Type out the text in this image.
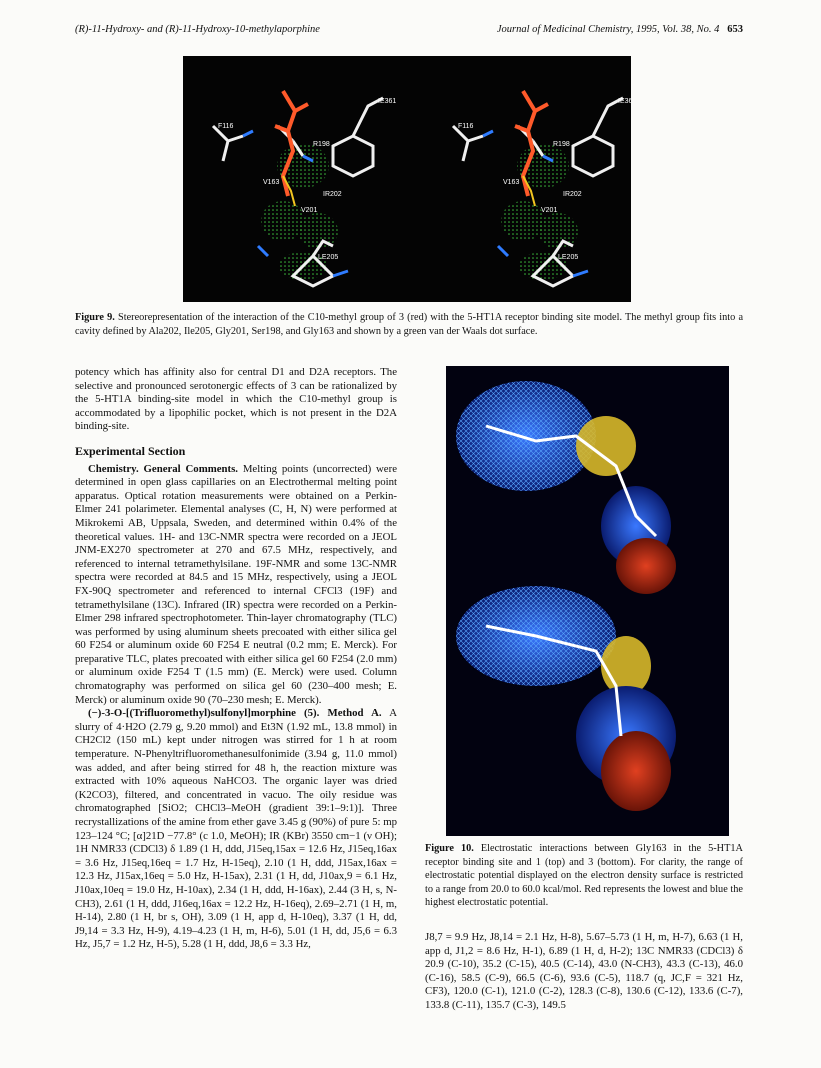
(R)-11-Hydroxy- and (R)-11-Hydroxy-10-methylaporphine	Journal of Medicinal Chemistry, 1995, Vol. 38, No. 4 653
IE361
F116
R198
V163
IR202
V201
LE205
Figure 9. Stereorepresentation of the interaction of the C10-methyl group of 3 (red) with the 5-HT1A receptor binding site model. The methyl group fits into a cavity defined by Ala202, Ile205, Gly201, Ser198, and Gly163 and shown by a green van der Waals dot surface.

potency which has affinity also for central D1 and D2A receptors. The selective and pronounced serotonergic effects of 3 can be rationalized by the 5-HT1A binding-site model in which the C10-methyl group is accommodated by a lipophilic pocket, which is not present in the D2A binding-site.

Experimental Section

Chemistry. General Comments. Melting points (uncorrected) were determined in open glass capillaries on an Electrothermal melting point apparatus. Optical rotation measurements were obtained on a Perkin-Elmer 241 polarimeter. Elemental analyses (C, H, N) were performed at Mikrokemi AB, Uppsala, Sweden, and determined within 0.4% of the theoretical values. 1H- and 13C-NMR spectra were recorded on a JEOL JNM-EX270 spectrometer at 270 and 67.5 MHz, respectively, and referenced to internal tetramethylsilane. 19F-NMR and some 13C-NMR spectra were recorded at 84.5 and 15 MHz, respectively, using a JEOL FX-90Q spectrometer and referenced to internal CFCl3 (19F) and tetramethylsilane (13C). Infrared (IR) spectra were recorded on a Perkin-Elmer 298 infrared spectrophotometer. Thin-layer chromatography (TLC) was performed by using aluminum sheets precoated with either silica gel 60 F254 or aluminum oxide 60 F254 E neutral (0.2 mm; E. Merck). For preparative TLC, plates precoated with either silica gel 60 F254 (2.0 mm) or aluminum oxide F254 T (1.5 mm) (E. Merck) were used. Column chromatography was performed on silica gel 60 (230–400 mesh; E. Merck) or aluminum oxide 90 (70–230 mesh; E. Merck).

(−)-3-O-[(Trifluoromethyl)sulfonyl]morphine (5). Method A. A slurry of 4·H2O (2.79 g, 9.20 mmol) and Et3N (1.92 mL, 13.8 mmol) in CH2Cl2 (150 mL) kept under nitrogen was stirred for 1 h at room temperature. N-Phenyltrifluoromethanesulfonimide (3.94 g, 11.0 mmol) was added, and after being stirred for 48 h, the reaction mixture was extracted with 10% aqueous NaHCO3. The organic layer was dried (K2CO3), filtered, and concentrated in vacuo. The oily residue was chromatographed [SiO2; CHCl3–MeOH (gradient 39:1–9:1)]. Three recrystallizations of the amine from ether gave 3.45 g (90%) of pure 5: mp 123–124 °C; [α]21D −77.8° (c 1.0, MeOH); IR (KBr) 3550 cm−1 (ν OH); 1H NMR33 (CDCl3) δ 1.89 (1 H, ddd, J15eq,15ax = 12.6 Hz, J15eq,16ax = 3.6 Hz, J15eq,16eq = 1.7 Hz, H-15eq), 2.10 (1 H, ddd, J15ax,16ax = 12.3 Hz, J15ax,16eq = 5.0 Hz, H-15ax), 2.31 (1 H, dd, J10ax,9 = 6.1 Hz, J10ax,10eq = 19.0 Hz, H-10ax), 2.34 (1 H, ddd, H-16ax), 2.44 (3 H, s, N-CH3), 2.61 (1 H, ddd, J16eq,16ax = 12.2 Hz, H-16eq), 2.69–2.71 (1 H, m, H-14), 2.80 (1 H, br s, OH), 3.09 (1 H, app d, H-10eq), 3.37 (1 H, dd, J9,14 = 3.3 Hz, H-9), 4.19–4.23 (1 H, m, H-6), 5.01 (1 H, dd, J5,6 = 6.3 Hz, J5,7 = 1.2 Hz, H-5), 5.28 (1 H, ddd, J8,6 = 3.3 Hz,

Figure 10. Electrostatic interactions between Gly163 in the 5-HT1A receptor binding site and 1 (top) and 3 (bottom). For clarity, the range of electrostatic potential displayed on the electron density surface is restricted to a range from 20.0 to 60.0 kcal/mol. Red represents the lowest and blue the highest electrostatic potential.

J8,7 = 9.9 Hz, J8,14 = 2.1 Hz, H-8), 5.67–5.73 (1 H, m, H-7), 6.63 (1 H, app d, J1,2 = 8.6 Hz, H-1), 6.89 (1 H, d, H-2); 13C NMR33 (CDCl3) δ 20.9 (C-10), 35.2 (C-15), 40.5 (C-14), 43.0 (N-CH3), 43.3 (C-13), 46.0 (C-16), 58.5 (C-9), 66.5 (C-6), 93.6 (C-5), 118.7 (q, JC,F = 321 Hz, CF3), 120.0 (C-1), 121.0 (C-2), 128.3 (C-8), 130.6 (C-12), 133.6 (C-7), 133.8 (C-11), 135.7 (C-3), 149.5
